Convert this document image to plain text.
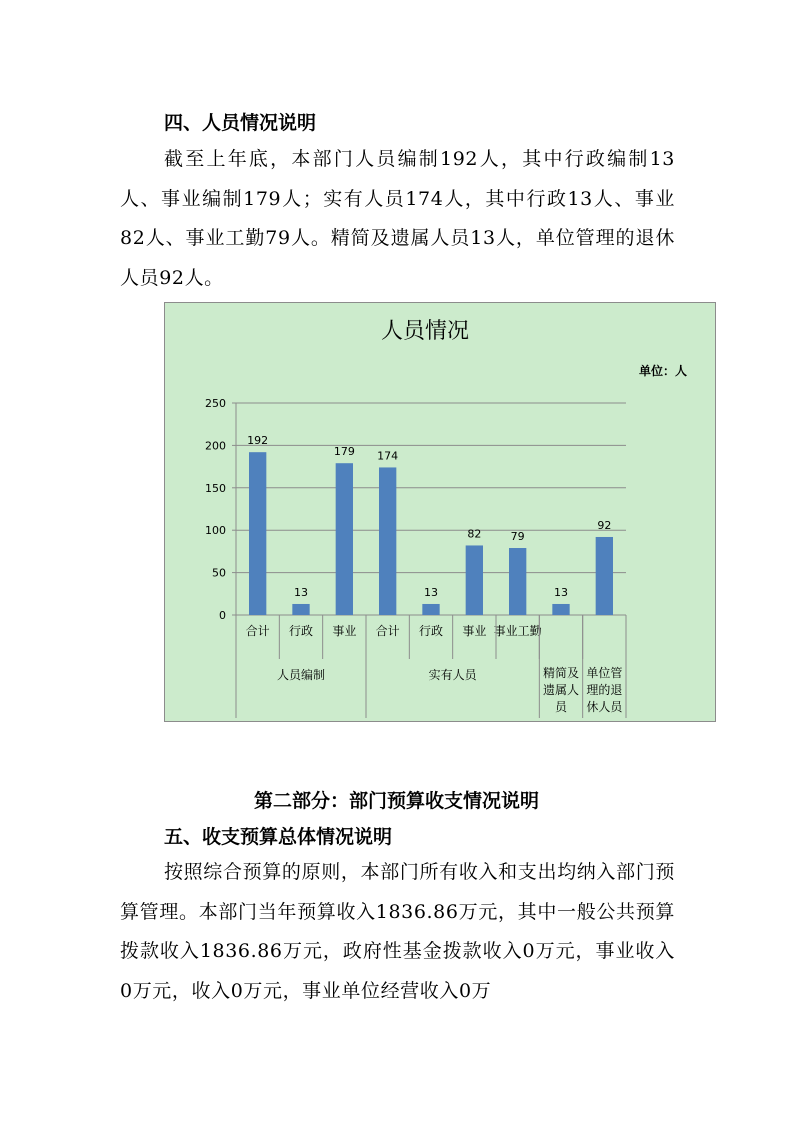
四、人员情况说明
截至上年底，本部门人员编制192人，其中行政编制13人、事业编制179人；实有人员174人，其中行政13人、事业82人、事业工勤79人。精简及遗属人员13人，单位管理的退休人员92人。
人员情况
单位：人
0
50
100
150
200
250
192
13
179 174
13
82	79
13
92
合计 行政 事业 合计 行政 事业 事业工勤
精简及遗属人员
单位管理的退休人员
人员编制	实有人员
第二部分：部门预算收支情况说明
五、收支预算总体情况说明
按照综合预算的原则，本部门所有收入和支出均纳入部门预算管理。本部门当年预算收入1836.86万元，其中一般公共预算拨款收入1836.86万元，政府性基金拨款收入0万元，事业收入0万元，收入0万元，事业单位经营收入0万
